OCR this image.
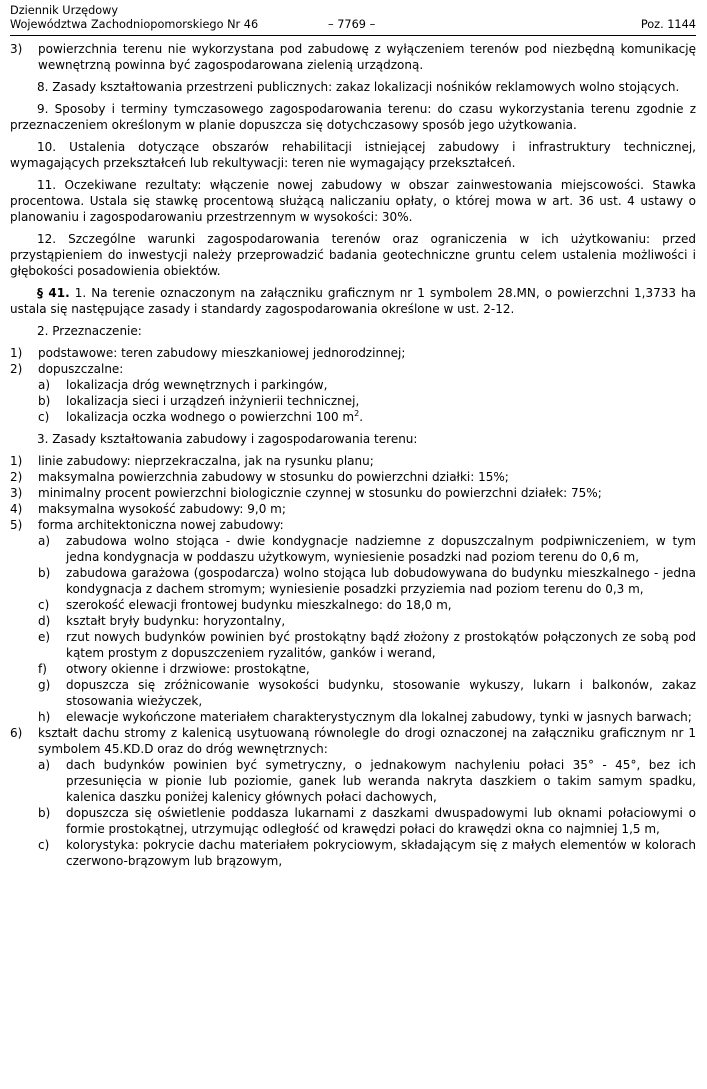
Dziennik Urzędowy
Województwa Zachodniopomorskiego Nr 46	– 7769 –	Poz. 1144
3) powierzchnia terenu nie wykorzystana pod zabudowę z wyłączeniem terenów pod niezbędną komunikację wewnętrzną powinna być zagospodarowana zielenią urządzoną.
8. Zasady kształtowania przestrzeni publicznych: zakaz lokalizacji nośników reklamowych wolno stojących.
9. Sposoby i terminy tymczasowego zagospodarowania terenu: do czasu wykorzystania terenu zgodnie z przeznaczeniem określonym w planie dopuszcza się dotychczasowy sposób jego użytkowania.
10. Ustalenia dotyczące obszarów rehabilitacji istniejącej zabudowy i infrastruktury technicznej, wymagających przekształceń lub rekultywacji: teren nie wymagający przekształceń.
11. Oczekiwane rezultaty: włączenie nowej zabudowy w obszar zainwestowania miejscowości. Stawka procentowa. Ustala się stawkę procentową służącą naliczaniu opłaty, o której mowa w art. 36 ust. 4 ustawy o planowaniu i zagospodarowaniu przestrzennym w wysokości: 30%.
12. Szczególne warunki zagospodarowania terenów oraz ograniczenia w ich użytkowaniu: przed przystąpieniem do inwestycji należy przeprowadzić badania geotechniczne gruntu celem ustalenia możliwości i głębokości posadowienia obiektów.
§ 41. 1. Na terenie oznaczonym na załączniku graficznym nr 1 symbolem 28.MN, o powierzchni 1,3733 ha ustala się następujące zasady i standardy zagospodarowania określone w ust. 2-12.
2. Przeznaczenie:
1) podstawowe: teren zabudowy mieszkaniowej jednorodzinnej;
2) dopuszczalne:
a) lokalizacja dróg wewnętrznych i parkingów,
b) lokalizacja sieci i urządzeń inżynierii technicznej,
c) lokalizacja oczka wodnego o powierzchni 100 $m^2$.
3. Zasady kształtowania zabudowy i zagospodarowania terenu:
1) linie zabudowy: nieprzekraczalna, jak na rysunku planu;
2) maksymalna powierzchnia zabudowy w stosunku do powierzchni działki: 15%;
3) minimalny procent powierzchni biologicznie czynnej w stosunku do powierzchni działek: 75%;
4) maksymalna wysokość zabudowy: 9,0 m;
5) forma architektoniczna nowej zabudowy:
a) zabudowa wolno stojąca - dwie kondygnacje nadziemne z dopuszczalnym podpiwniczeniem, w tym jedna kondygnacja w poddaszu użytkowym, wyniesienie posadzki nad poziom terenu do 0,6 m,
b) zabudowa garażowa (gospodarcza) wolno stojąca lub dobudowywana do budynku mieszkalnego - jedna kondygnacja z dachem stromym; wyniesienie posadzki przyziemia nad poziom terenu do 0,3 m,
c) szerokość elewacji frontowej budynku mieszkalnego: do 18,0 m,
d) kształt bryły budynku: horyzontalny,
e) rzut nowych budynków powinien być prostokątny bądź złożony z prostokątów połączonych ze sobą pod kątem prostym z dopuszczeniem ryzalitów, ganków i werand,
f) otwory okienne i drzwiowe: prostokątne,
g) dopuszcza się zróżnicowanie wysokości budynku, stosowanie wykuszy, lukarn i balkonów, zakaz stosowania wieżyczek,
h) elewacje wykończone materiałem charakterystycznym dla lokalnej zabudowy, tynki w jasnych barwach;
6) kształt dachu stromy z kalenicą usytuowaną równolegle do drogi oznaczonej na załączniku graficznym nr 1 symbolem 45.KD.D oraz do dróg wewnętrznych:
a) dach budynków powinien być symetryczny, o jednakowym nachyleniu połaci 35° - 45°, bez ich przesunięcia w pionie lub poziomie, ganek lub weranda nakryta daszkiem o takim samym spadku, kalenica daszku poniżej kalenicy głównych połaci dachowych,
b) dopuszcza się oświetlenie poddasza lukarnami z daszkami dwuspadowymi lub oknami połaciowymi o formie prostokątnej, utrzymując odległość od krawędzi połaci do krawędzi okna co najmniej 1,5 m,
c) kolorystyka: pokrycie dachu materiałem pokryciowym, składającym się z małych elementów w kolorach czerwono-brązowym lub brązowym,
